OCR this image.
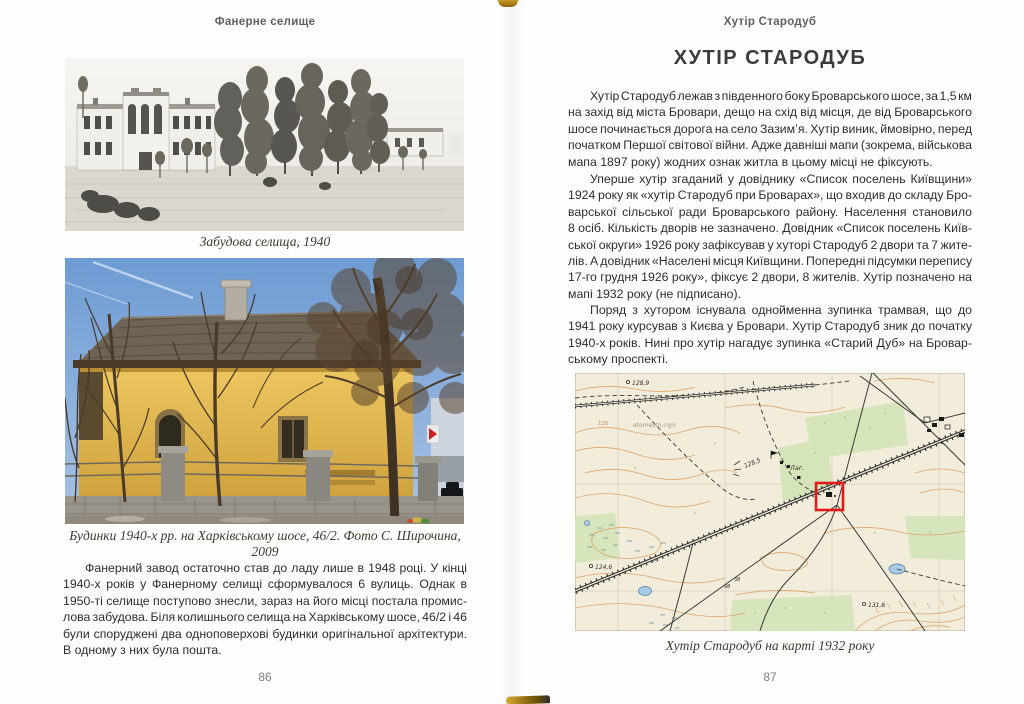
Фанерне селище
Забудова селища, 1940
Будинки 1940-х рр. на Харківському шосе, 46/2. Фото С. Широчина, 2009
Фанерний завод остаточно став до ладу лише в 1948 році. У кінці
1940-х років у Фанерному селищі сформувалося 6 вулиць. Однак в
1950-ті селище поступово знесли, зараз на його місці постала промис-
лова забудова. Біля колишнього селища на Харківському шосе, 46/2 і 46
були споруджені два одноповерхові будинки оригінальної архітектури.
В одному з них була пошта.
86
Хутір Стародуб
ХУТІР СТАРОДУБ
Хутір Стародуб лежав з південного боку Броварського шосе, за 1,5 км
на захід від міста Бровари, дещо на схід від місця, де від Броварського
шосе починається дорога на село Зазим’я. Хутір виник, ймовірно, перед
початком Першої світової війни. Адже давніші мапи (зокрема, військова
мапа 1897 року) жодних ознак житла в цьому місці не фіксують.
Уперше хутір згаданий у довіднику «Список поселень Київщини»
1924 року як «хутір Стародуб при Броварах», що входив до складу Бро-
варської сільської ради Броварського району. Населення становило
8 осіб. Кількість дворів не зазначено. Довідник «Список поселень Київ-
ської округи» 1926 року зафіксував у хуторі Стародуб 2 двори та 7 жите-
лів. А довідник «Населені місця Київщини. Попередні підсумки перепису
17-го грудня 1926 року», фіксує 2 двори, 8 жителів. Хутір позначено на
мапі 1932 року (не підписано).
Поряд з хутором існувала однойменна зупинка трамвая, що до
1941 року курсував з Києва у Бровари. Хутір Стародуб зник до початку
1940-х років. Нині про хутір нагадує зупинка «Старий Дуб» на Бровар-
ському проспекті.
128,9
125	etomesto.com
128,5	Лаг.
124,6
131,6
98
38
Хутір Стародуб на карті 1932 року
87
